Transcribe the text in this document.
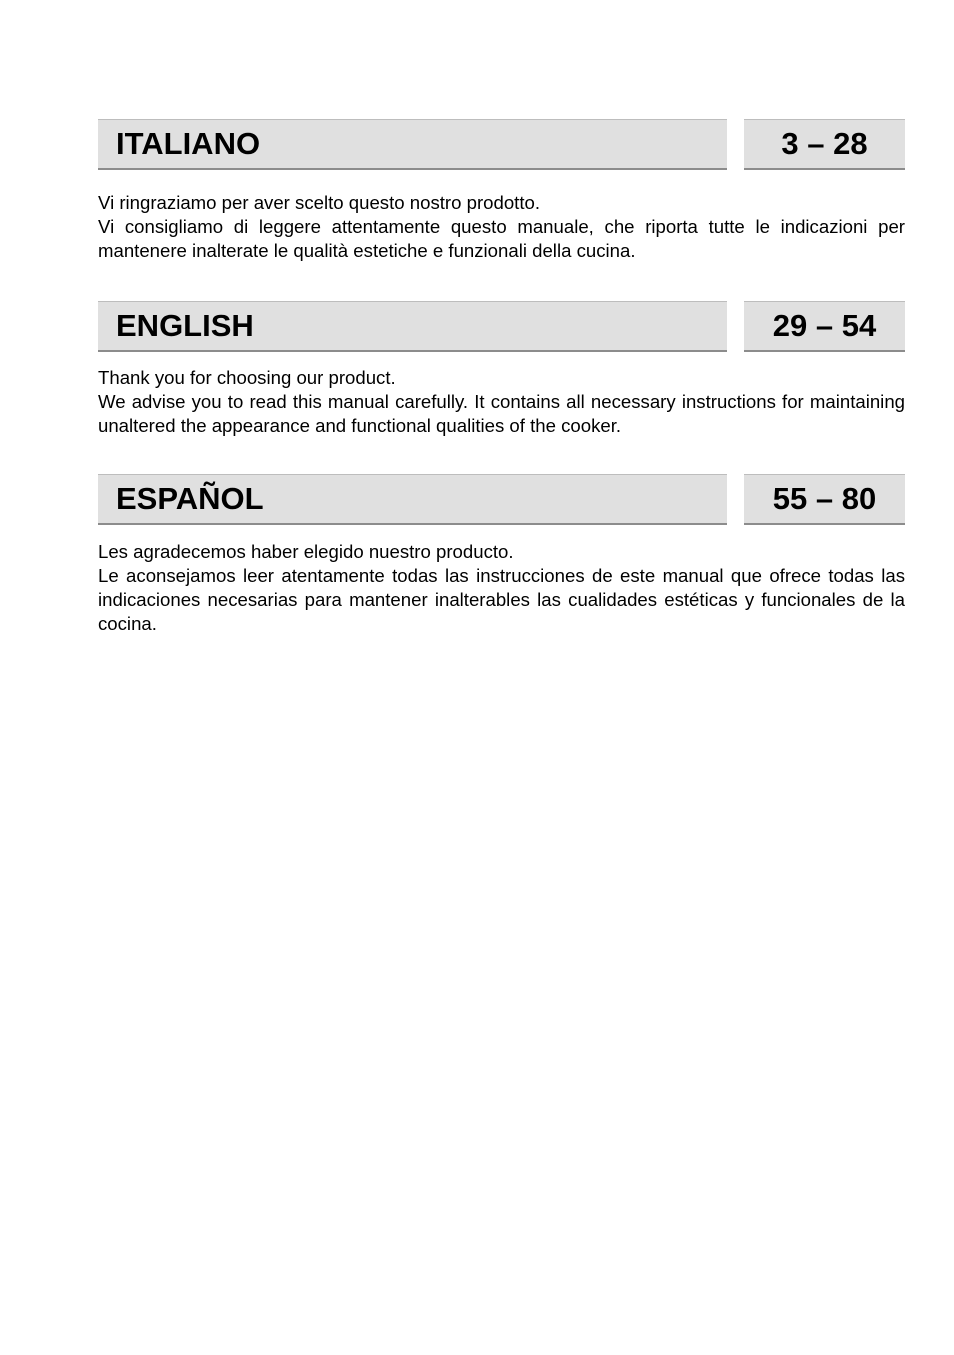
ITALIANO	3 – 28

Vi ringraziamo per aver scelto questo nostro prodotto.

Vi consigliamo di leggere attentamente questo manuale, che riporta tutte le indicazioni per mantenere inalterate le qualità estetiche e funzionali della cucina.

ENGLISH	29 – 54

Thank you for choosing our product.

We advise you to read this manual carefully. It contains all necessary instructions for maintaining unaltered the appearance and functional qualities of the cooker.

ESPAÑOL	55 – 80

Les agradecemos haber elegido nuestro producto.

Le aconsejamos leer atentamente todas las instrucciones de este manual que ofrece todas las indicaciones necesarias para mantener inalterables las cualidades estéticas y funcionales de la cocina.
